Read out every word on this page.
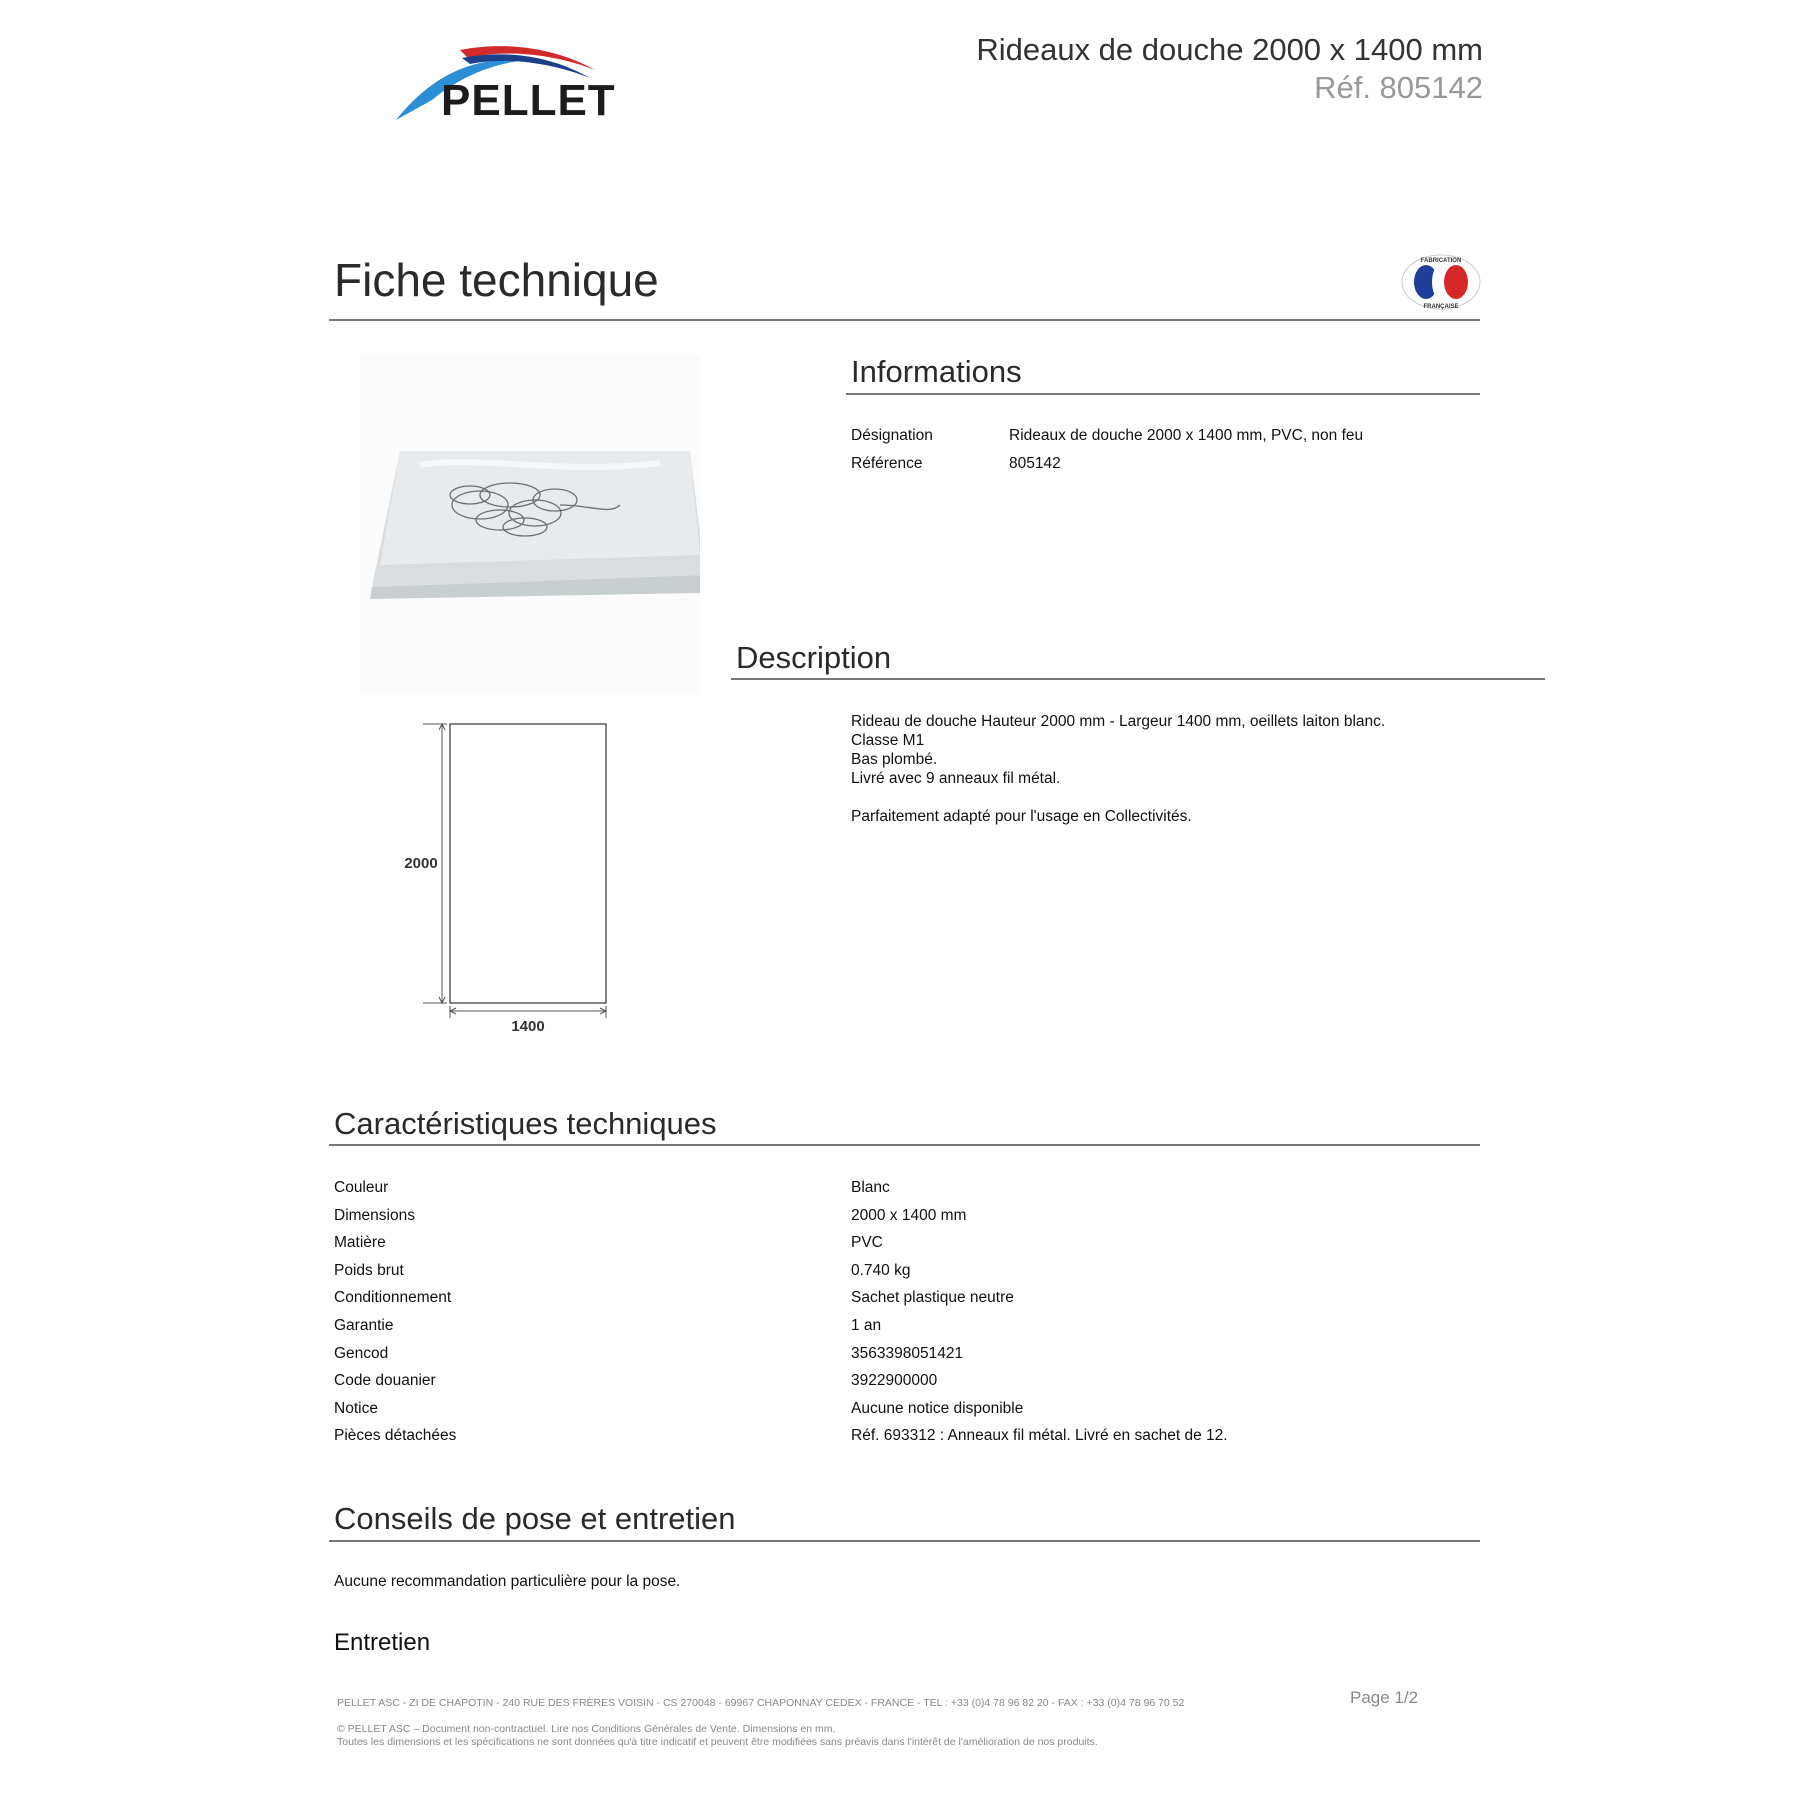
PELLET
Rideaux de douche 2000 x 1400 mm
Réf. 805142
Fiche technique	FABRICATION
FRANÇAISE
Informations
Désignation	Rideaux de douche 2000 x 1400 mm, PVC, non feu
Référence	805142
Description
Rideau de douche Hauteur 2000 mm - Largeur 1400 mm, oeillets laiton blanc.
Classe M1
Bas plombé.
Livré avec 9 anneaux fil métal.
Parfaitement adapté pour l'usage en Collectivités.
2000
1400
Caractéristiques techniques
Couleur	Blanc
Dimensions	2000 x 1400 mm
Matière	PVC
Poids brut	0.740 kg
Conditionnement	Sachet plastique neutre
Garantie	1 an
Gencod	3563398051421
Code douanier	3922900000
Notice	Aucune notice disponible
Pièces détachées	Réf. 693312 : Anneaux fil métal. Livré en sachet de 12.
Conseils de pose et entretien
Aucune recommandation particulière pour la pose.
Entretien
PELLET ASC - ZI DE CHAPOTIN - 240 RUE DES FRÈRES VOISIN - CS 270048 - 69967 CHAPONNAY CEDEX - FRANCE - TEL : +33 (0)4 78 96 82 20 - FAX : +33 (0)4 78 96 70 52	Page 1/2
© PELLET ASC – Document non-contractuel. Lire nos Conditions Générales de Vente. Dimensions en mm.
Toutes les dimensions et les spécifications ne sont données qu'à titre indicatif et peuvent être modifiées sans préavis dans l'intérêt de l'amélioration de nos produits.
